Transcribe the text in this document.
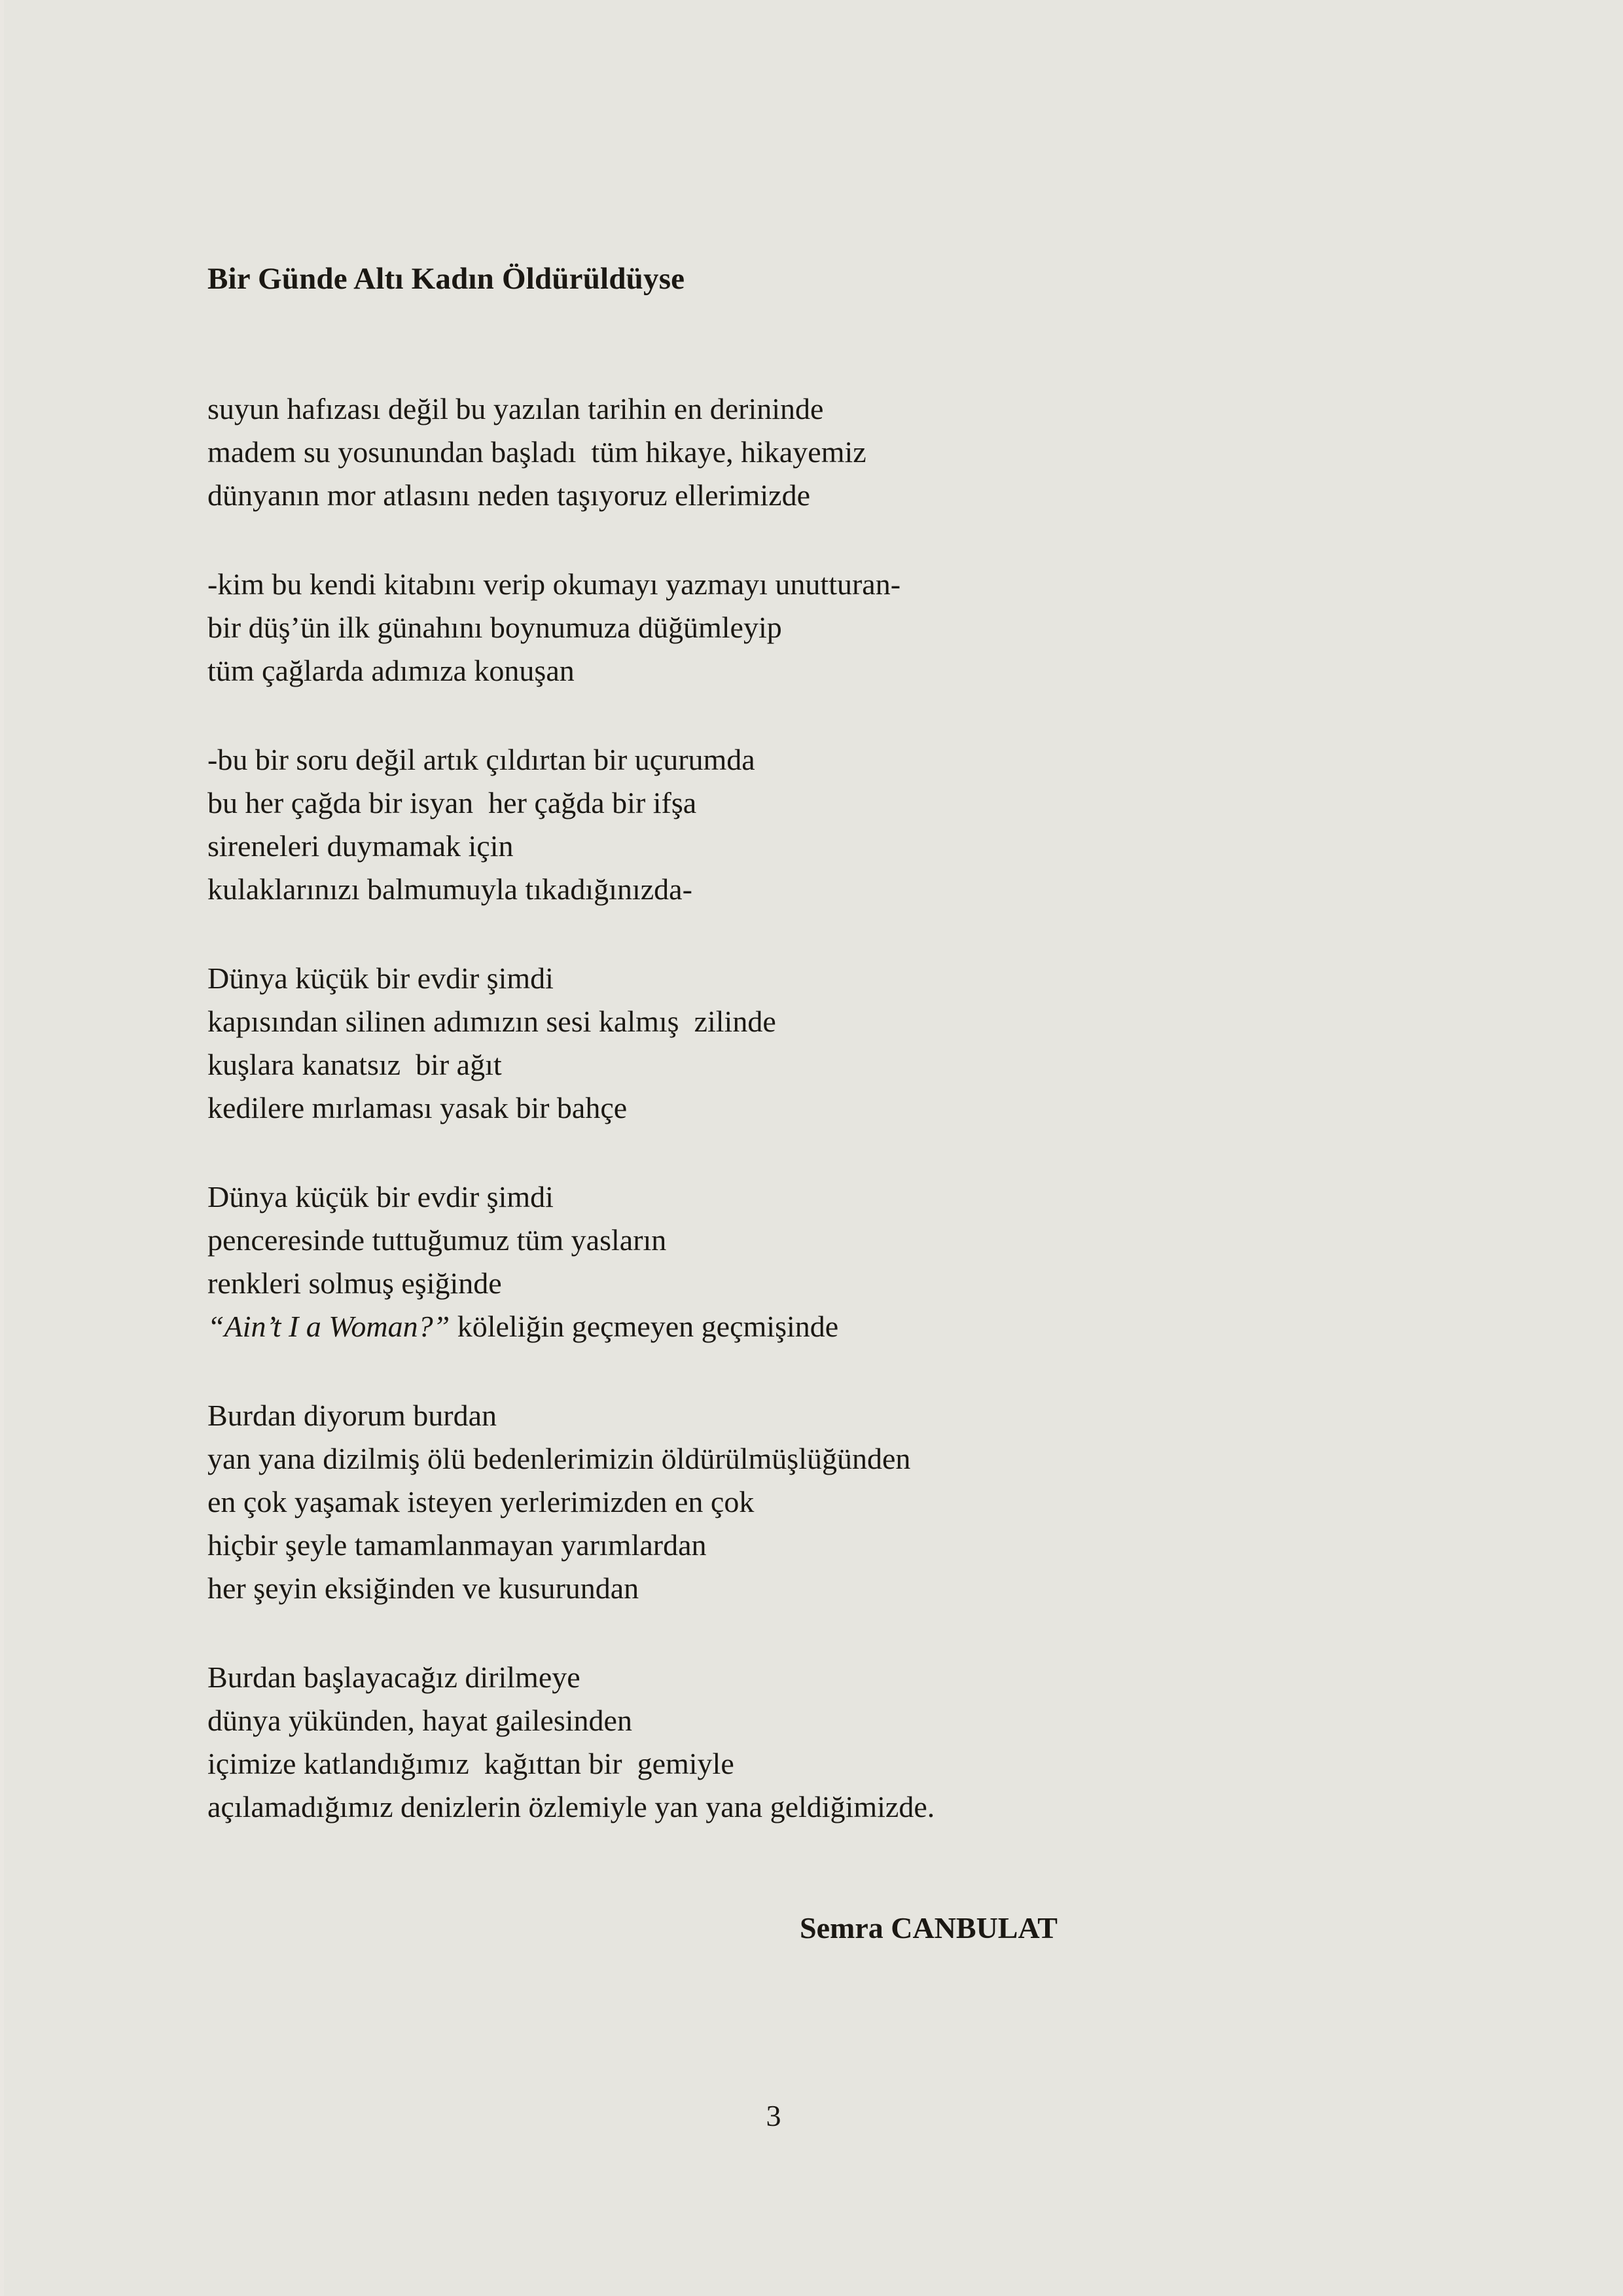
Bir Günde Altı Kadın Öldürüldüyse
suyun hafızası değil bu yazılan tarihin en derininde
madem su yosunundan başladı  tüm hikaye, hikayemiz
dünyanın mor atlasını neden taşıyoruz ellerimizde
-kim bu kendi kitabını verip okumayı yazmayı unutturan-
bir düş’ün ilk günahını boynumuza düğümleyip
tüm çağlarda adımıza konuşan
-bu bir soru değil artık çıldırtan bir uçurumda
bu her çağda bir isyan  her çağda bir ifşa
sireneleri duymamak için
kulaklarınızı balmumuyla tıkadığınızda-
Dünya küçük bir evdir şimdi
kapısından silinen adımızın sesi kalmış  zilinde
kuşlara kanatsız  bir ağıt
kedilere mırlaması yasak bir bahçe
Dünya küçük bir evdir şimdi
penceresinde tuttuğumuz tüm yasların
renkleri solmuş eşiğinde
“Ain’t I a Woman?” köleliğin geçmeyen geçmişinde
Burdan diyorum burdan
yan yana dizilmiş ölü bedenlerimizin öldürülmüşlüğünden
en çok yaşamak isteyen yerlerimizden en çok
hiçbir şeyle tamamlanmayan yarımlardan
her şeyin eksiğinden ve kusurundan
Burdan başlayacağız dirilmeye
dünya yükünden, hayat gailesinden
içimize katlandığımız  kağıttan bir  gemiyle
açılamadığımız denizlerin özlemiyle yan yana geldiğimizde.
Semra CANBULAT
3
